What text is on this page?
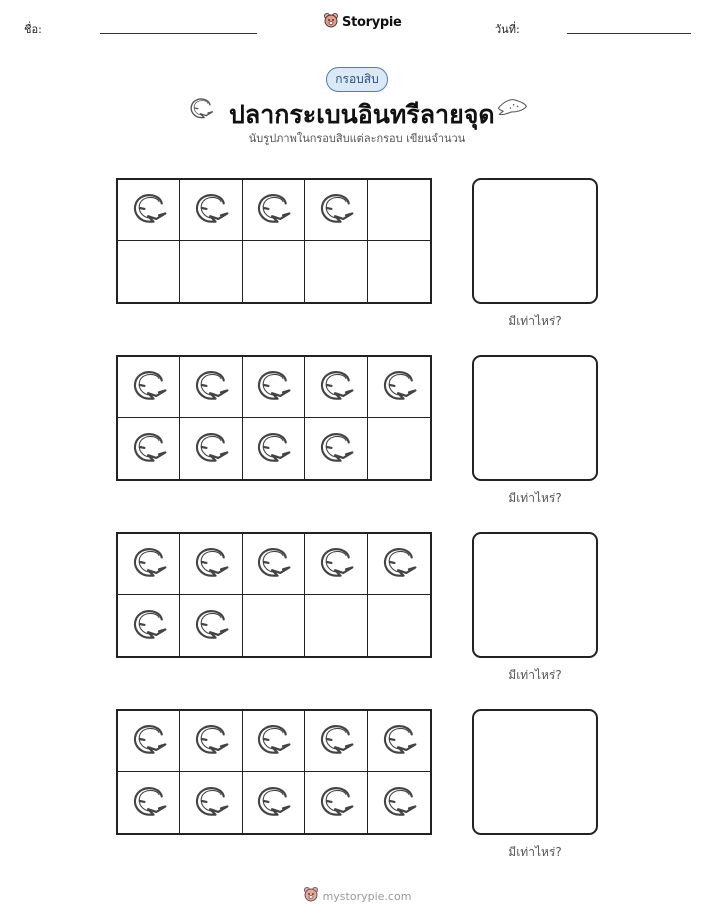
ชื่อ:	Storypie	วันที่:
กรอบสิบ
ปลากระเบนอินทรีลายจุด
นับรูปภาพในกรอบสิบแต่ละกรอบ เขียนจำนวน
มีเท่าไหร่?
มีเท่าไหร่?
มีเท่าไหร่?
มีเท่าไหร่?
mystorypie.com
